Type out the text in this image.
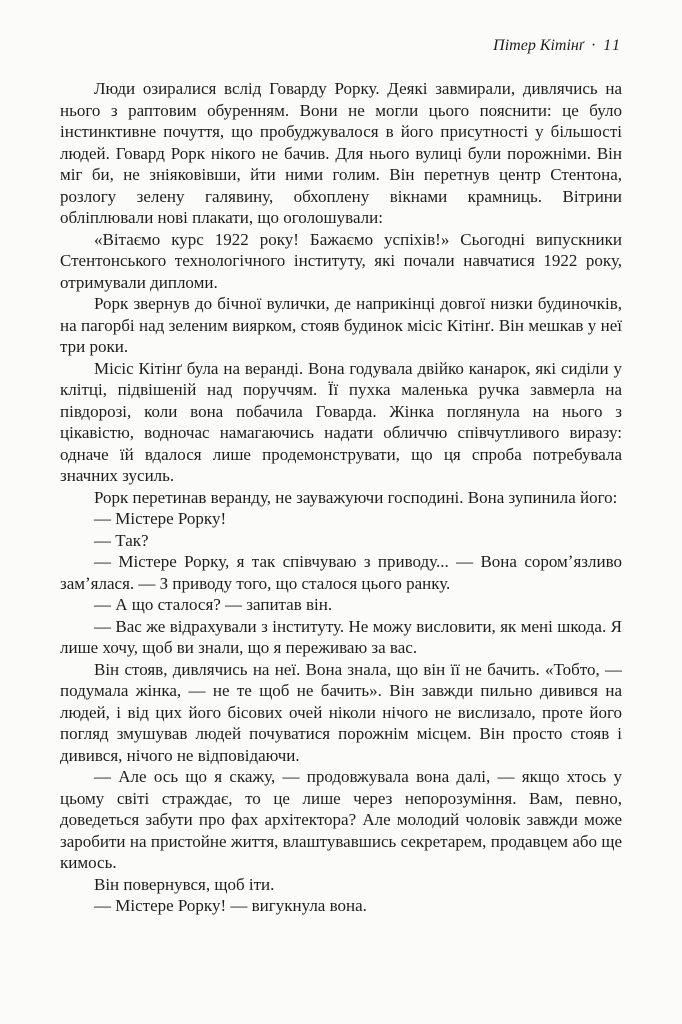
Пітер Кітінґ · 11

Люди озиралися вслід Говарду Рорку. Деякі завмирали, дивлячись на нього з раптовим обуренням. Вони не могли цього пояснити: це було інстинктивне почуття, що пробуджувалося в його присутності у більшості людей. Говард Рорк нікого не бачив. Для нього вулиці були порожніми. Він міг би, не зніяковівши, йти ними голим. Він перетнув центр Стентона, розлогу зелену галявину, обхоплену вікнами крамниць. Вітрини обліплювали нові плакати, що оголошували:

«Вітаємо курс 1922 року! Бажаємо успіхів!» Сьогодні випускники Стентонського технологічного інституту, які почали навчатися 1922 року, отримували дипломи.

Рорк звернув до бічної вулички, де наприкінці довгої низки будиночків, на пагорбі над зеленим виярком, стояв будинок місіс Кітінґ. Він мешкав у неї три роки.

Місіс Кітінґ була на веранді. Вона годувала двійко канарок, які сиділи у клітці, підвішеній над поруччям. Її пухка маленька ручка завмерла на півдорозі, коли вона побачила Говарда. Жінка поглянула на нього з цікавістю, водночас намагаючись надати обличчю співчутливого виразу: одначе їй вдалося лише продемонструвати, що ця спроба потребувала значних зусиль.

Рорк перетинав веранду, не зауважуючи господині. Вона зупинила його:

— Містере Рорку!

— Так?

— Містере Рорку, я так співчуваю з приводу... — Вона соромʼязливо замʼялася. — З приводу того, що сталося цього ранку.

— А що сталося? — запитав він.

— Вас же відрахували з інституту. Не можу висловити, як мені шкода. Я лише хочу, щоб ви знали, що я переживаю за вас.

Він стояв, дивлячись на неї. Вона знала, що він її не бачить. «Тобто, — подумала жінка, — не те щоб не бачить». Він завжди пильно дивився на людей, і від цих його бісових очей ніколи нічого не вислизало, проте його погляд змушував людей почуватися порожнім місцем. Він просто стояв і дивився, нічого не відповідаючи.

— Але ось що я скажу, — продовжувала вона далі, — якщо хтось у цьому світі страждає, то це лише через непорозуміння. Вам, певно, доведеться забути про фах архітектора? Але молодий чоловік завжди може заробити на пристойне життя, влаштувавшись секретарем, продавцем або ще кимось.

Він повернувся, щоб іти.

— Містере Рорку! — вигукнула вона.
